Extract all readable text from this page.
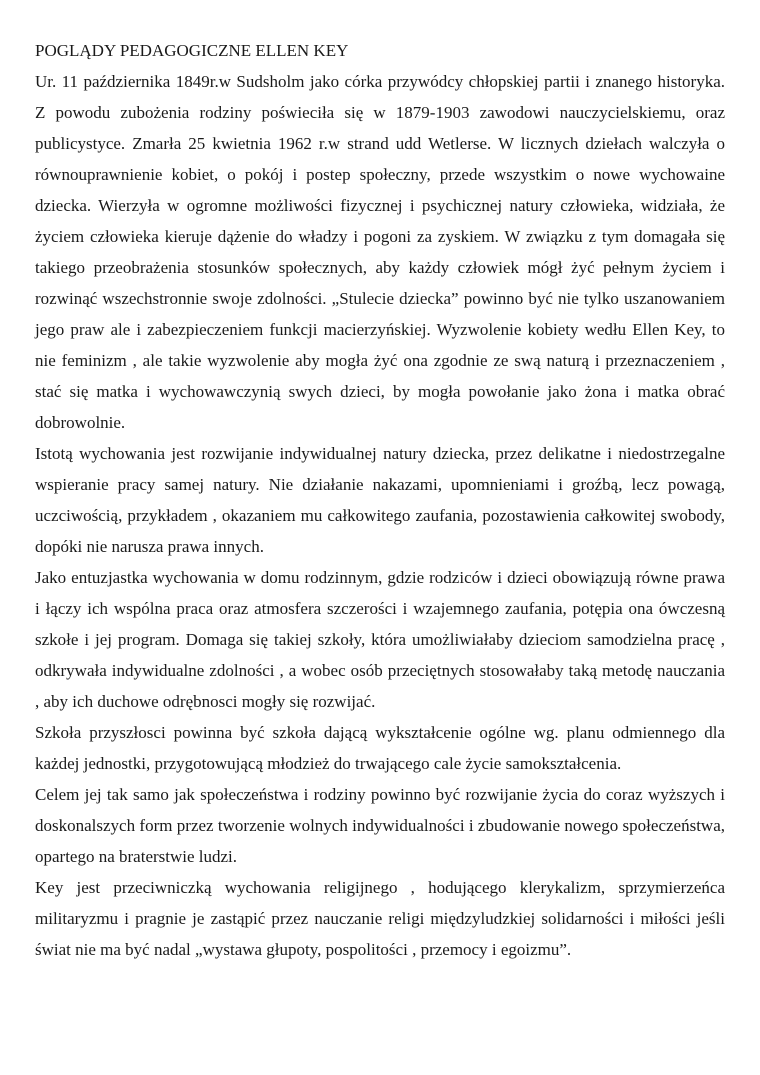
POGLĄDY PEDAGOGICZNE ELLEN KEY

Ur. 11 października 1849r.w Sudsholm jako córka przywódcy chłopskiej partii i znanego historyka. Z powodu zubożenia rodziny poświeciła się w 1879-1903 zawodowi nauczycielskiemu, oraz publicystyce. Zmarła 25 kwietnia 1962 r.w strand udd Wetlerse. W licznych dziełach walczyła o równouprawnienie kobiet, o pokój i postep społeczny, przede wszystkim o nowe wychowaine dziecka. Wierzyła w ogromne możliwości fizycznej i psychicznej natury człowieka, widziała, że życiem człowieka kieruje dążenie do władzy i pogoni za zyskiem. W związku z tym domagała się takiego przeobrażenia stosunków społecznych, aby każdy człowiek mógł żyć pełnym życiem i rozwinąć wszechstronnie swoje zdolności. „Stulecie dziecka” powinno być nie tylko uszanowaniem jego praw ale i zabezpieczeniem funkcji macierzyńskiej. Wyzwolenie kobiety wedłu Ellen Key, to nie feminizm , ale takie wyzwolenie aby mogła żyć ona zgodnie ze swą naturą i przeznaczeniem , stać się matka i wychowawczynią swych dzieci, by mogła powołanie jako żona i matka obrać dobrowolnie.

Istotą wychowania jest rozwijanie indywidualnej natury dziecka, przez delikatne i niedostrzegalne wspieranie pracy samej natury. Nie działanie nakazami, upomnieniami i groźbą, lecz powagą, uczciwością, przykładem , okazaniem mu całkowitego zaufania, pozostawienia całkowitej swobody, dopóki nie narusza prawa innych.

Jako entuzjastka wychowania w domu rodzinnym, gdzie rodziców i dzieci obowiązują równe prawa i łączy ich wspólna praca oraz atmosfera szczerości i wzajemnego zaufania, potępia ona ówczesną szkołe i jej program. Domaga się takiej szkoły, która umożliwiałaby dzieciom samodzielna pracę , odkrywała indywidualne zdolności , a wobec osób przeciętnych stosowałaby taką metodę nauczania , aby ich duchowe odrębnosci mogły się rozwijać.

Szkoła przyszłosci powinna być szkoła dającą wykształcenie ogólne wg. planu odmiennego dla każdej jednostki, przygotowującą młodzież do trwającego cale życie samokształcenia.

Celem jej tak samo jak społeczeństwa i rodziny powinno być rozwijanie życia do coraz wyższych i doskonalszych form przez tworzenie wolnych indywidualności i zbudowanie nowego społeczeństwa, opartego na braterstwie ludzi.

Key jest przeciwniczką wychowania religijnego , hodującego klerykalizm, sprzymierzeńca militaryzmu i pragnie je zastąpić przez nauczanie religi międzyludzkiej solidarności i miłości jeśli świat nie ma być nadal „wystawa głupoty, pospolitości , przemocy i egoizmu”.
